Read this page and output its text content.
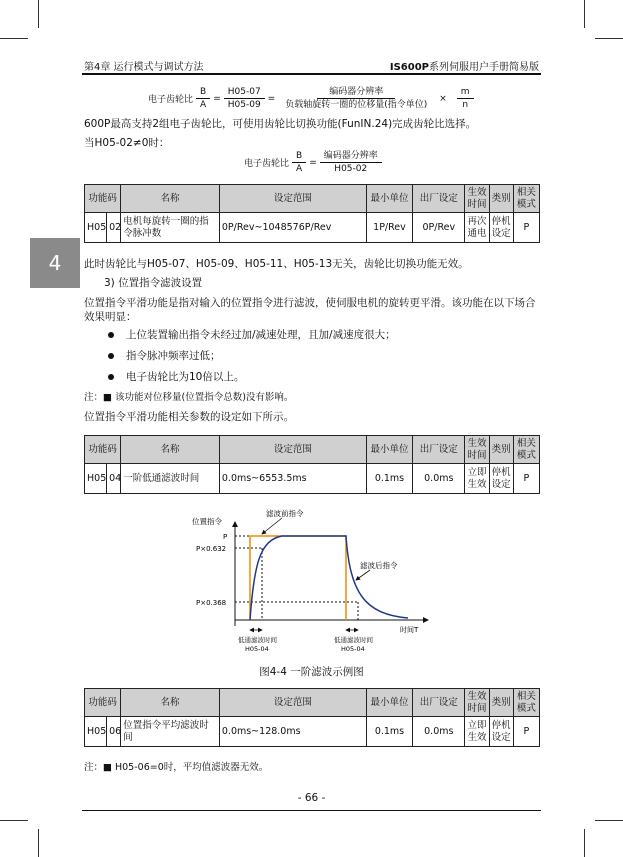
第4章 运行模式与调试方法	IS600P系列伺服用户手册简易版
4
电子齿轮比 $\frac{B}{A} = \frac{H05-07}{H05-09} = \frac{\text{编码器分辨率}}{\text{负载轴旋转一圈的位移量(指令单位)}} \times \frac{m}{n}$
600P最高支持2组电子齿轮比，可使用齿轮比切换功能(FunIN.24)完成齿轮比选择。
当H05-02≠0时：
电子齿轮比 $\frac{B}{A} = \frac{\text{编码器分辨率}}{H05-02}$
功能码		名称	设定范围	最小单位	出厂设定	生效时间	类别	相关模式
H05	02	电机每旋转一圈的指令脉冲数	0P/Rev~1048576P/Rev	1P/Rev	0P/Rev	再次通电	停机设定	P
此时齿轮比与H05-07、H05-09、H05-11、H05-13无关，齿轮比切换功能无效。
3) 位置指令滤波设置
位置指令平滑功能是指对输入的位置指令进行滤波，使伺服电机的旋转更平滑。该功能在以下场合效果明显：
上位装置输出指令未经过加/减速处理，且加/减速度很大；
指令脉冲频率过低；
电子齿轮比为10倍以上。
注：■ 该功能对位移量(位置指令总数)没有影响。
位置指令平滑功能相关参数的设定如下所示。
功能码		名称	设定范围	最小单位	出厂设定	生效时间	类别	相关模式
H05	04	一阶低通滤波时间	0.0ms~6553.5ms	0.1ms	0.0ms	立即生效	停机设定	P
位置指令
滤波前指令
滤波后指令
P
P×0.632
P×0.368
时间T
低通滤波时间
H05-04
低通滤波时间
H05-04
图4-4 一阶滤波示例图
功能码		名称	设定范围	最小单位	出厂设定	生效时间	类别	相关模式
H05	06	位置指令平均滤波时间	0.0ms~128.0ms	0.1ms	0.0ms	立即生效	停机设定	P
注：■ H05-06=0时，平均值滤波器无效。
- 66 -
